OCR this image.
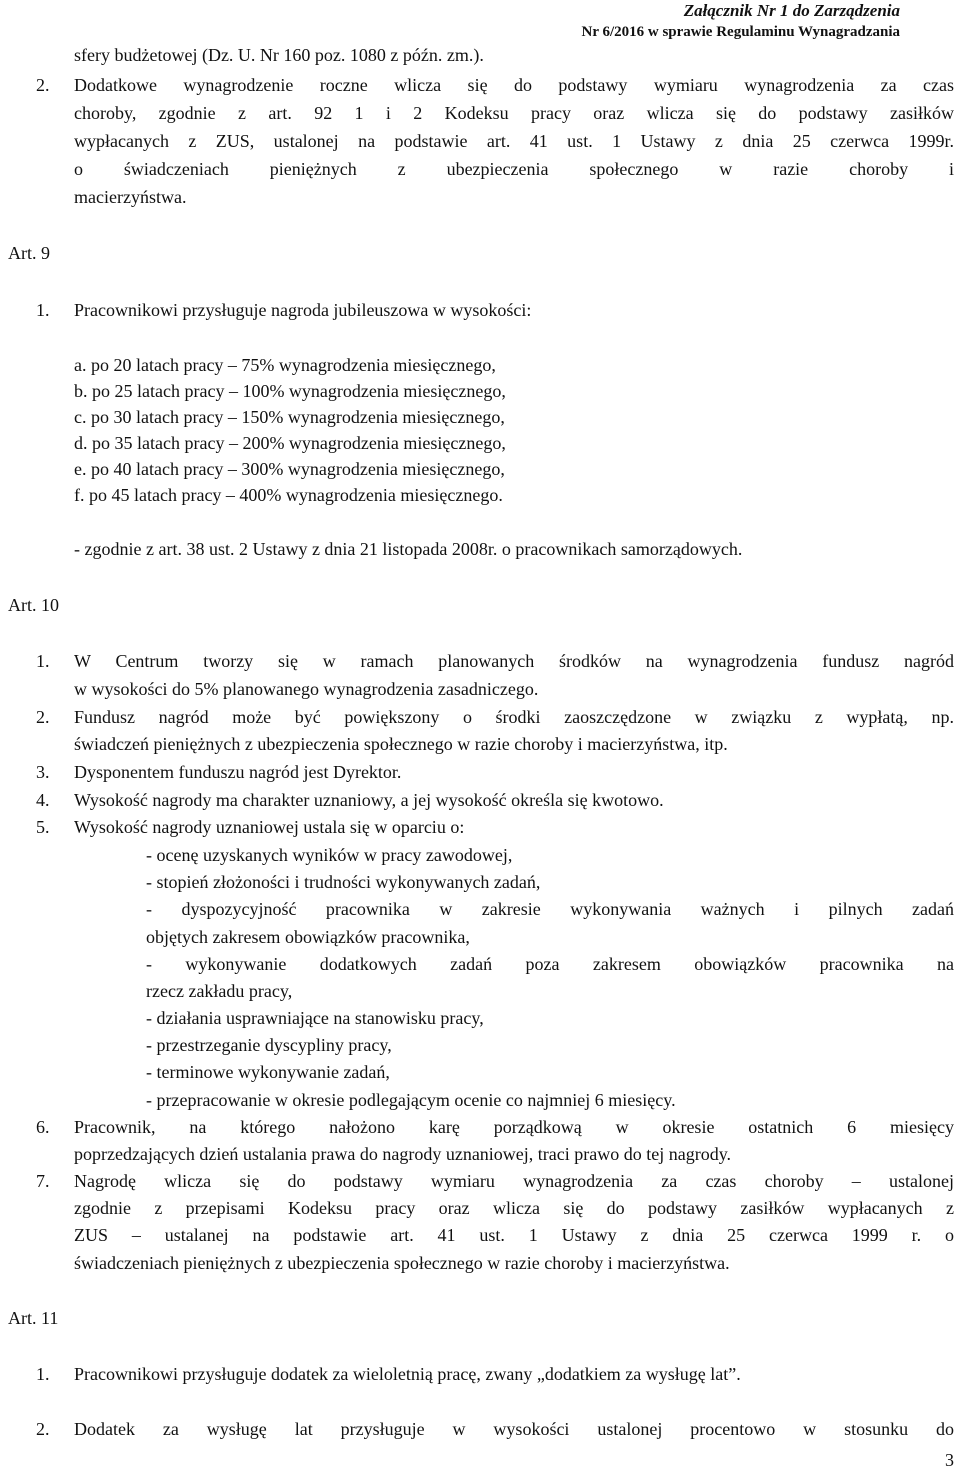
Załącznik Nr 1 do Zarządzenia
Nr 6/2016 w sprawie Regulaminu Wynagradzania
sfery budżetowej (Dz. U. Nr 160 poz. 1080 z późn. zm.).
2.	Dodatkowe wynagrodzenie roczne wlicza się do podstawy wymiaru wynagrodzenia za czas
choroby, zgodnie z art. 92 1 i 2 Kodeksu pracy oraz wlicza się do podstawy zasiłków
wypłacanych z ZUS, ustalonej na podstawie art. 41 ust. 1 Ustawy z dnia 25 czerwca 1999r.
o świadczeniach pieniężnych z ubezpieczenia społecznego w razie choroby i
macierzyństwa.
Art. 9
1.	Pracownikowi przysługuje nagroda jubileuszowa w wysokości:
a. po 20 latach pracy – 75% wynagrodzenia miesięcznego,
b. po 25 latach pracy – 100% wynagrodzenia miesięcznego,
c. po 30 latach pracy – 150% wynagrodzenia miesięcznego,
d. po 35 latach pracy – 200% wynagrodzenia miesięcznego,
e. po 40 latach pracy – 300% wynagrodzenia miesięcznego,
f. po 45 latach pracy – 400% wynagrodzenia miesięcznego.
- zgodnie z art. 38 ust. 2 Ustawy z dnia 21 listopada 2008r. o pracownikach samorządowych.
Art. 10
1.	W Centrum tworzy się w ramach planowanych środków na wynagrodzenia fundusz nagród
w wysokości do 5% planowanego wynagrodzenia zasadniczego.
2.	Fundusz nagród może być powiększony o środki zaoszczędzone w związku z wypłatą, np.
świadczeń pieniężnych z ubezpieczenia społecznego w razie choroby i macierzyństwa, itp.
3.	Dysponentem funduszu nagród jest Dyrektor.
4.	Wysokość nagrody ma charakter uznaniowy, a jej wysokość określa się kwotowo.
5.	Wysokość nagrody uznaniowej ustala się w oparciu o:
- ocenę uzyskanych wyników w pracy zawodowej,
- stopień złożoności i trudności wykonywanych zadań,
- dyspozycyjność pracownika w zakresie wykonywania ważnych i pilnych zadań
objętych zakresem obowiązków pracownika,
- wykonywanie dodatkowych zadań poza zakresem obowiązków pracownika na
rzecz zakładu pracy,
- działania usprawniające na stanowisku pracy,
- przestrzeganie dyscypliny pracy,
- terminowe wykonywanie zadań,
- przepracowanie w okresie podlegającym ocenie co najmniej 6 miesięcy.
6.	Pracownik, na którego nałożono karę porządkową w okresie ostatnich 6 miesięcy
poprzedzających dzień ustalania prawa do nagrody uznaniowej, traci prawo do tej nagrody.
7.	Nagrodę wlicza się do podstawy wymiaru wynagrodzenia za czas choroby – ustalonej
zgodnie z przepisami Kodeksu pracy oraz wlicza się do podstawy zasiłków wypłacanych z
ZUS – ustalanej na podstawie art. 41 ust. 1 Ustawy z dnia 25 czerwca 1999 r. o
świadczeniach pieniężnych z ubezpieczenia społecznego w razie choroby i macierzyństwa.
Art. 11
1.	Pracownikowi przysługuje dodatek za wieloletnią pracę, zwany „dodatkiem za wysługę lat”.
2.	Dodatek za wysługę lat przysługuje w wysokości ustalonej procentowo w stosunku do
3
